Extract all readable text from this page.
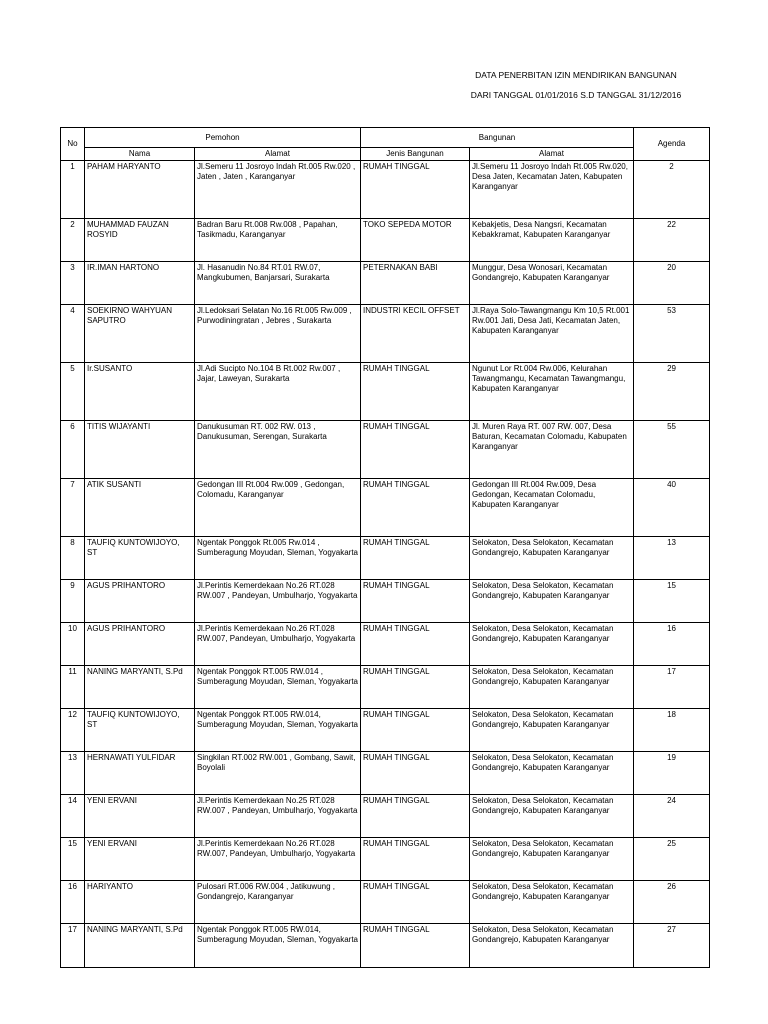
DATA PENERBITAN IZIN MENDIRIKAN BANGUNAN
DARI TANGGAL 01/01/2016 S.D TANGGAL 31/12/2016
No	Pemohon		Bangunan		Agenda
	Nama	Alamat	Jenis Bangunan	Alamat	
1	PAHAM HARYANTO	Jl.Semeru 11 Josroyo Indah Rt.005 Rw.020 , Jaten , Jaten , Karanganyar	RUMAH TINGGAL	Jl.Semeru 11 Josroyo Indah Rt.005 Rw.020, Desa Jaten, Kecamatan Jaten, Kabupaten Karanganyar	2
2	MUHAMMAD FAUZAN ROSYID	Badran Baru Rt.008 Rw.008 , Papahan, Tasikmadu, Karanganyar	TOKO SEPEDA MOTOR	Kebakjetis, Desa Nangsri, Kecamatan Kebakkramat, Kabupaten Karanganyar	22
3	IR.IMAN HARTONO	Jl. Hasanudin No.84 RT.01 RW.07, Mangkubumen, Banjarsari, Surakarta	PETERNAKAN BABI	Munggur, Desa Wonosari, Kecamatan Gondangrejo, Kabupaten Karanganyar	20
4	SOEKIRNO WAHYUAN SAPUTRO	Jl.Ledoksari Selatan No.16 Rt.005 Rw.009 , Purwodiningratan , Jebres , Surakarta	INDUSTRI KECIL OFFSET	Jl.Raya Solo-Tawangmangu Km 10,5 Rt.001 Rw.001 Jati, Desa Jati, Kecamatan Jaten, Kabupaten Karanganyar	53
5	Ir.SUSANTO	Jl.Adi Sucipto No.104 B Rt.002 Rw.007 , Jajar, Laweyan, Surakarta	RUMAH TINGGAL	Ngunut Lor Rt.004 Rw.006, Kelurahan Tawangmangu, Kecamatan Tawangmangu, Kabupaten Karanganyar	29
6	TITIS WIJAYANTI	Danukusuman RT. 002 RW. 013 , Danukusuman, Serengan, Surakarta	RUMAH TINGGAL	Jl. Muren Raya RT. 007 RW. 007, Desa Baturan, Kecamatan Colomadu, Kabupaten Karanganyar	55
7	ATIK SUSANTI	Gedongan III Rt.004 Rw.009 , Gedongan, Colomadu, Karanganyar	RUMAH TINGGAL	Gedongan III Rt.004 Rw.009, Desa Gedongan, Kecamatan Colomadu, Kabupaten Karanganyar	40
8	TAUFIQ KUNTOWIJOYO, ST	Ngentak Ponggok Rt.005 Rw.014 , Sumberagung Moyudan, Sleman, Yogyakarta	RUMAH TINGGAL	Selokaton, Desa Selokaton, Kecamatan Gondangrejo, Kabupaten Karanganyar	13
9	AGUS PRIHANTORO	Jl.Perintis Kemerdekaan No.26 RT.028 RW.007 , Pandeyan, Umbulharjo, Yogyakarta	RUMAH TINGGAL	Selokaton, Desa Selokaton, Kecamatan Gondangrejo, Kabupaten Karanganyar	15
10	AGUS PRIHANTORO	Jl.Perintis Kemerdekaan No.26 RT.028 RW.007, Pandeyan, Umbulharjo, Yogyakarta	RUMAH TINGGAL	Selokaton, Desa Selokaton, Kecamatan Gondangrejo, Kabupaten Karanganyar	16
11	NANING MARYANTI, S.Pd	Ngentak Ponggok RT.005 RW.014 , Sumberagung Moyudan, Sleman, Yogyakarta	RUMAH TINGGAL	Selokaton, Desa Selokaton, Kecamatan Gondangrejo, Kabupaten Karanganyar	17
12	TAUFIQ KUNTOWIJOYO, ST	Ngentak Ponggok RT.005 RW.014, Sumberagung Moyudan, Sleman, Yogyakarta	RUMAH TINGGAL	Selokaton, Desa Selokaton, Kecamatan Gondangrejo, Kabupaten Karanganyar	18
13	HERNAWATI YULFIDAR	Singkilan RT.002 RW.001 , Gombang, Sawit, Boyolali	RUMAH TINGGAL	Selokaton, Desa Selokaton, Kecamatan Gondangrejo, Kabupaten Karanganyar	19
14	YENI ERVANI	Jl.Perintis Kemerdekaan No.25 RT.028 RW.007 , Pandeyan, Umbulharjo, Yogyakarta	RUMAH TINGGAL	Selokaton, Desa Selokaton, Kecamatan Gondangrejo, Kabupaten Karanganyar	24
15	YENI ERVANI	Jl.Perintis Kemerdekaan No.26 RT.028 RW.007, Pandeyan, Umbulharjo, Yogyakarta	RUMAH TINGGAL	Selokaton, Desa Selokaton, Kecamatan Gondangrejo, Kabupaten Karanganyar	25
16	HARIYANTO	Pulosari RT.006 RW.004 , Jatikuwung , Gondangrejo, Karanganyar	RUMAH TINGGAL	Selokaton, Desa Selokaton, Kecamatan Gondangrejo, Kabupaten Karanganyar	26
17	NANING MARYANTI, S.Pd	Ngentak Ponggok RT.005 RW.014, Sumberagung Moyudan, Sleman, Yogyakarta	RUMAH TINGGAL	Selokaton, Desa Selokaton, Kecamatan Gondangrejo, Kabupaten Karanganyar	27
